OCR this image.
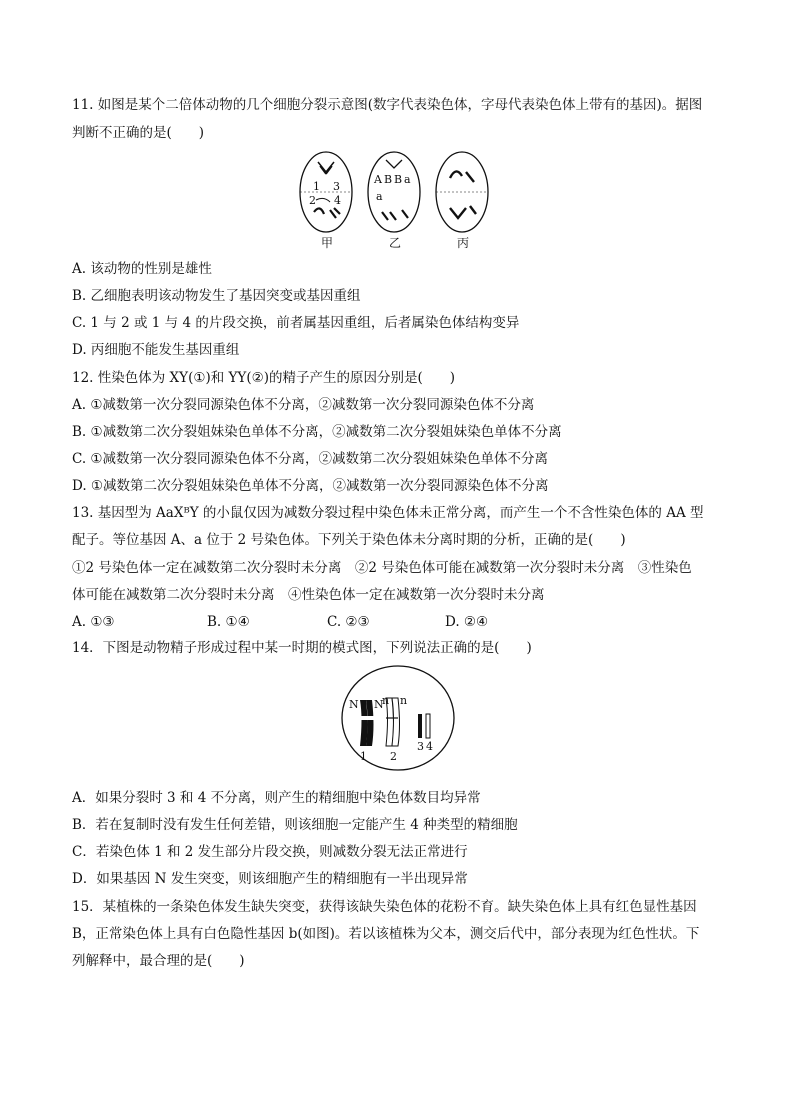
11. 如图是某个二倍体动物的几个细胞分裂示意图(数字代表染色体，字母代表染色体上带有的基因)。据图
判断不正确的是(　　)
1 3
2 4
甲
A B B a
a
乙	丙
A. 该动物的性别是雄性
B. 乙细胞表明该动物发生了基因突变或基因重组
C. 1 与 2 或 1 与 4 的片段交换，前者属基因重组，后者属染色体结构变异
D. 丙细胞不能发生基因重组
12. 性染色体为 XY(①)和 YY(②)的精子产生的原因分别是(　　)
A. ①减数第一次分裂同源染色体不分离，②减数第一次分裂同源染色体不分离
B. ①减数第二次分裂姐妹染色单体不分离，②减数第二次分裂姐妹染色单体不分离
C. ①减数第一次分裂同源染色体不分离，②减数第二次分裂姐妹染色单体不分离
D. ①减数第二次分裂姐妹染色单体不分离，②减数第一次分裂同源染色体不分离
13. 基因型为 AaXᴮY 的小鼠仅因为减数分裂过程中染色体未正常分离，而产生一个不含性染色体的 AA 型
配子。等位基因 A、a 位于 2 号染色体。下列关于染色体未分离时期的分析，正确的是(　　)
①2 号染色体一定在减数第二次分裂时未分离　②2 号染色体可能在减数第一次分裂时未分离　③性染色
体可能在减数第二次分裂时未分离　④性染色体一定在减数第一次分裂时未分离
A. ①③	B. ①④	C. ②③	D. ②④
14．下图是动物精子形成过程中某一时期的模式图，下列说法正确的是(　　)
N N
n n
1 2
3 4
A．如果分裂时 3 和 4 不分离，则产生的精细胞中染色体数目均异常
B．若在复制时没有发生任何差错，则该细胞一定能产生 4 种类型的精细胞
C．若染色体 1 和 2 发生部分片段交换，则减数分裂无法正常进行
D．如果基因 N 发生突变，则该细胞产生的精细胞有一半出现异常
15．某植株的一条染色体发生缺失突变，获得该缺失染色体的花粉不育。缺失染色体上具有红色显性基因
B，正常染色体上具有白色隐性基因 b(如图)。若以该植株为父本，测交后代中，部分表现为红色性状。下
列解释中，最合理的是(　　)
